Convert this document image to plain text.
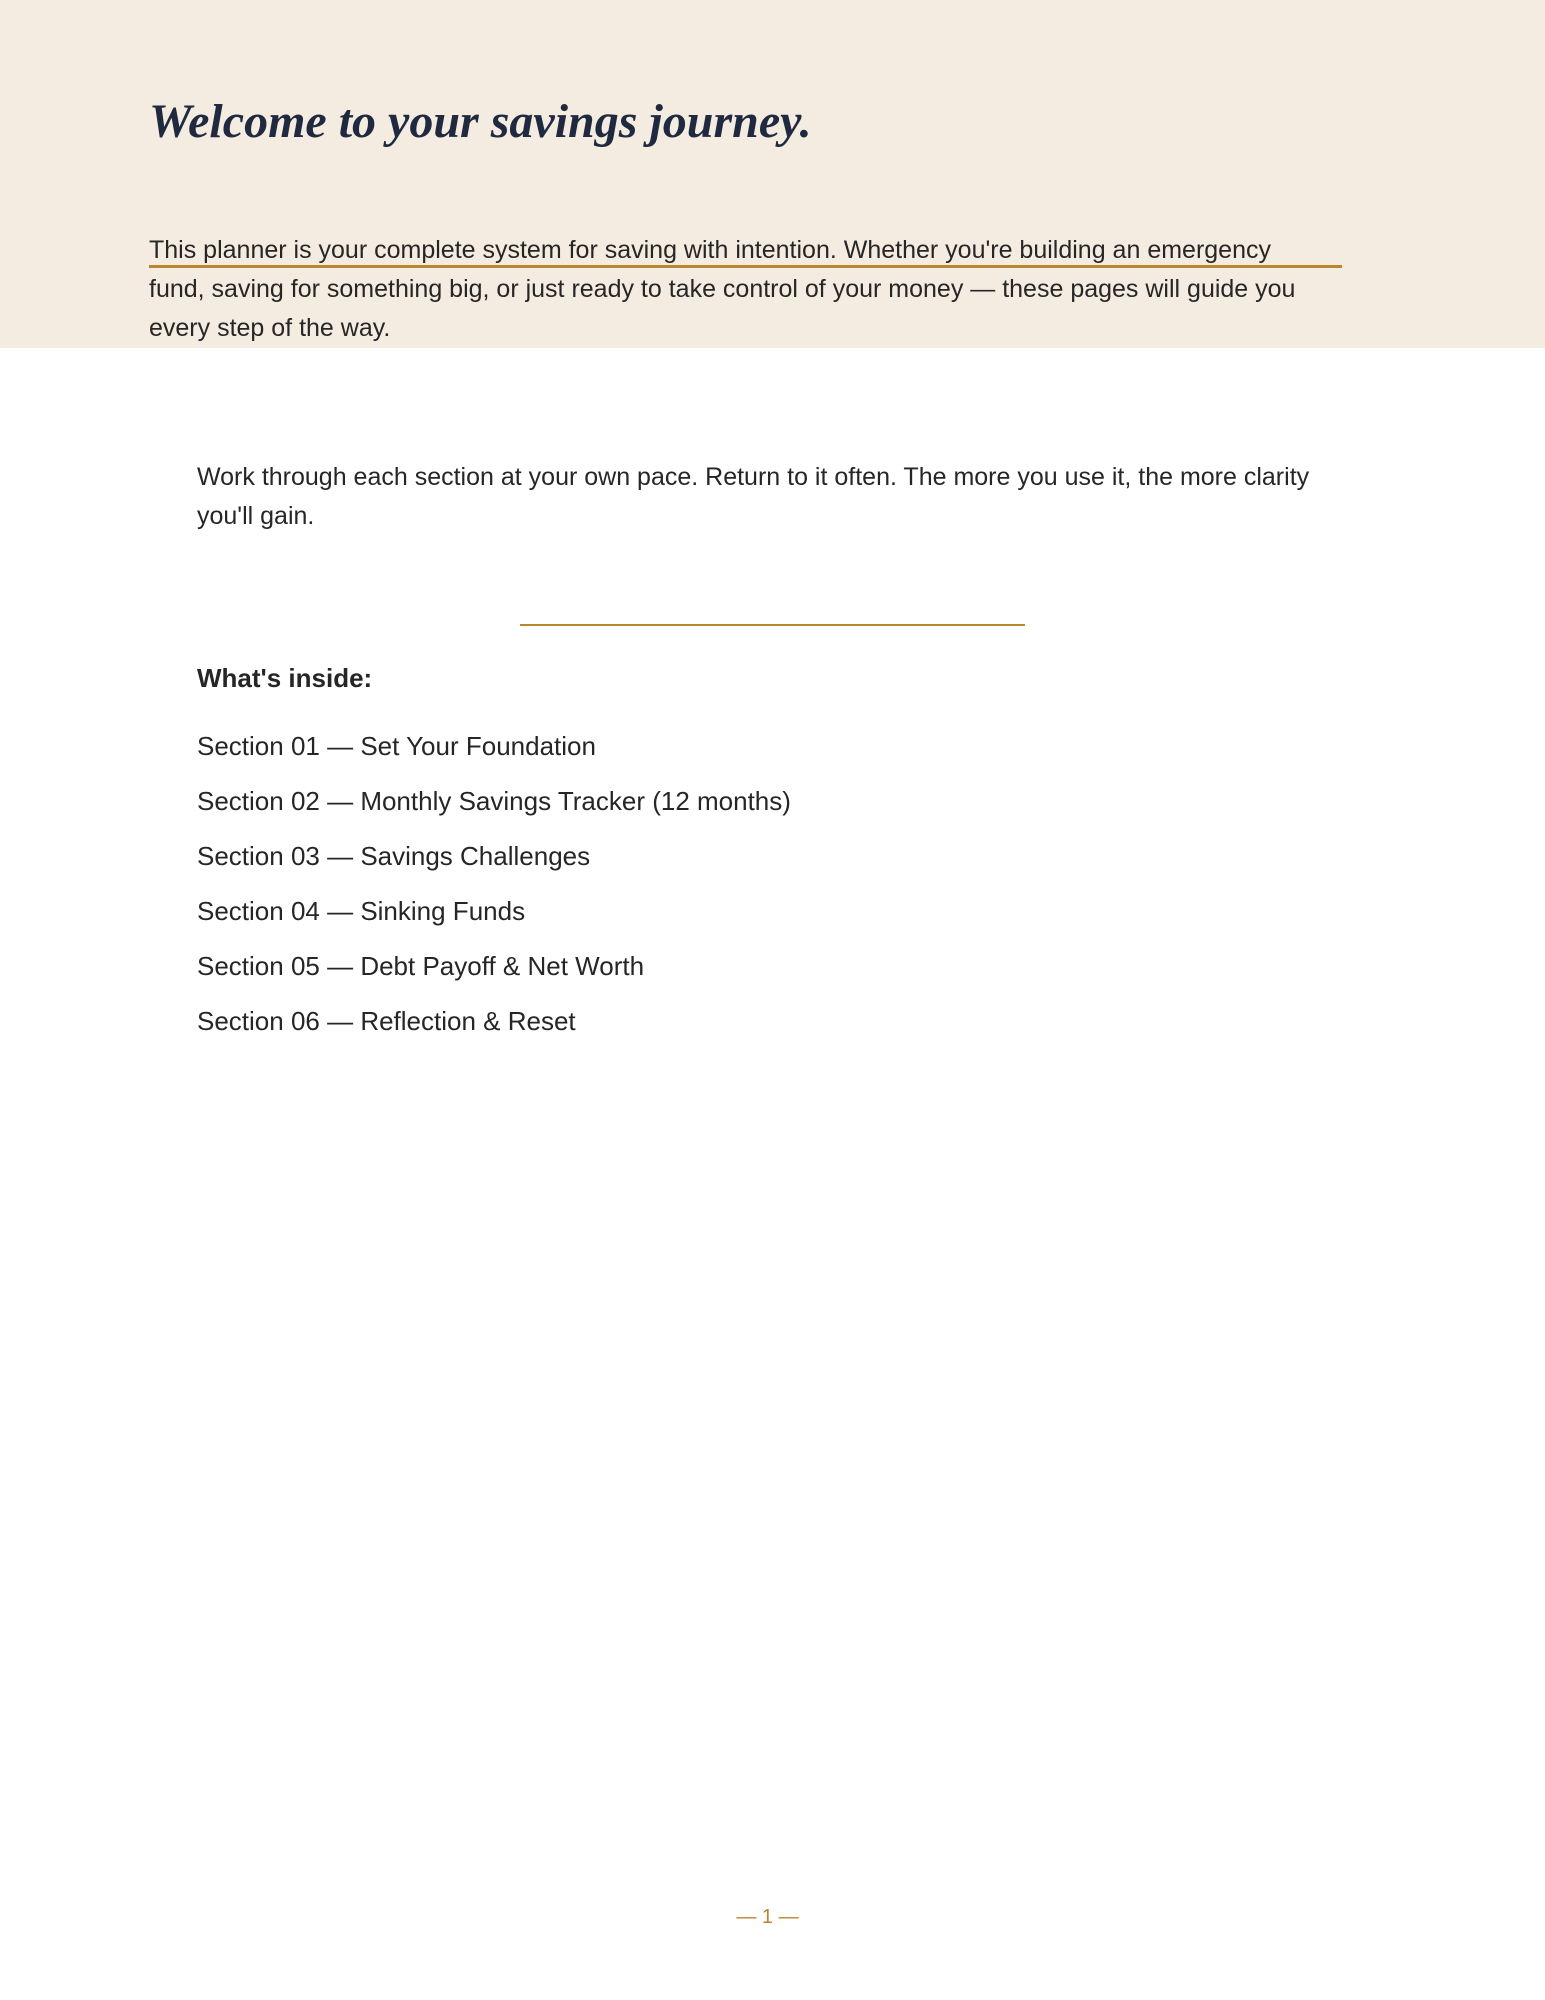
Welcome to your savings journey.

This planner is your complete system for saving with intention. Whether you're building an emergency fund, saving for something big, or just ready to take control of your money — these pages will guide you every step of the way.

Work through each section at your own pace. Return to it often. The more you use it, the more clarity you'll gain.

What's inside:
Section 01 — Set Your Foundation
Section 02 — Monthly Savings Tracker (12 months)
Section 03 — Savings Challenges
Section 04 — Sinking Funds
Section 05 — Debt Payoff & Net Worth
Section 06 — Reflection & Reset
— 1 —
